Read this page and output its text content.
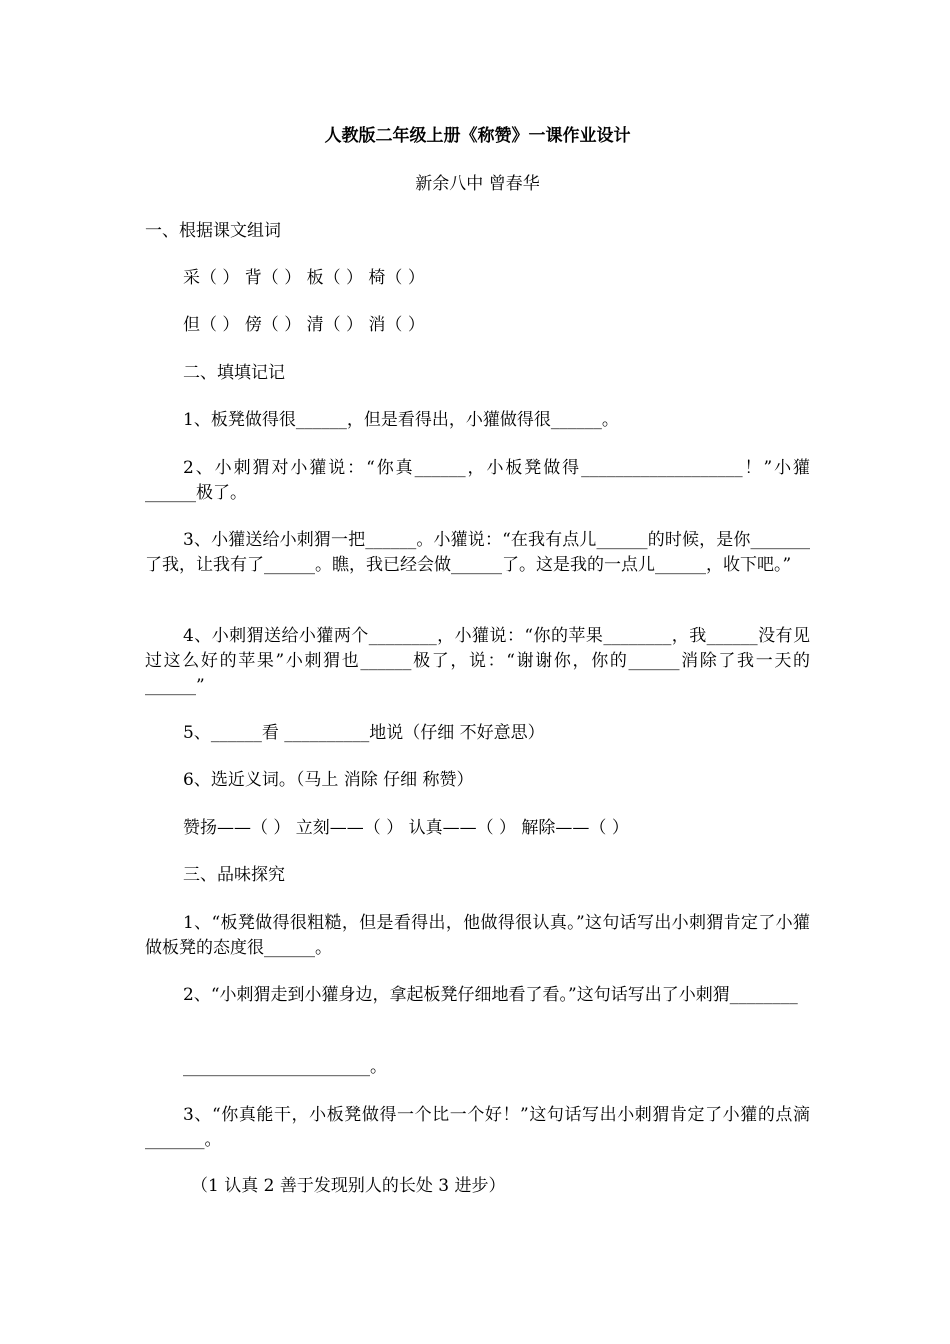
人教版二年级上册《称赞》一课作业设计
新余八中 曾春华
一、根据课文组词
采（ ） 背（ ） 板（ ） 椅（ ）
但（ ） 傍（ ） 清（ ） 消（ ）
二、填填记记
1、板凳做得很______，但是看得出，小獾做得很______。
2、小刺猬对小獾说：“你真______，小板凳做得___________________！”小獾______极了。
3、小獾送给小刺猬一把______。小獾说：“在我有点儿______的时候，是你_______了我，让我有了______。瞧，我已经会做______了。这是我的一点儿______，收下吧。”
4、小刺猬送给小獾两个________，小獾说：“你的苹果________，我______没有见过这么好的苹果”小刺猬也______极了，说：“谢谢你，你的______消除了我一天的______”
5、______看 __________地说（仔细 不好意思）
6、选近义词。（马上 消除 仔细 称赞）
赞扬——（ ） 立刻——（ ） 认真——（ ） 解除——（ ）
三、品味探究
1、“板凳做得很粗糙，但是看得出，他做得很认真。”这句话写出小刺猬肯定了小獾做板凳的态度很______。
2、“小刺猬走到小獾身边，拿起板凳仔细地看了看。”这句话写出了小刺猬________
______________________。
3、“你真能干，小板凳做得一个比一个好！”这句话写出小刺猬肯定了小獾的点滴_______。
（1 认真 2 善于发现别人的长处 3 进步）
